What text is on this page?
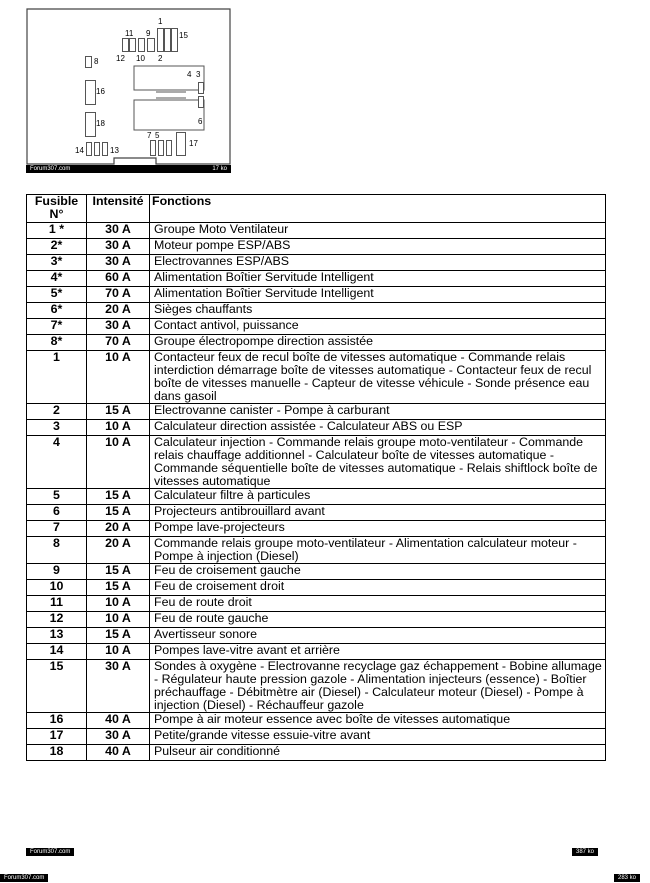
1
2
3
4
5
6
7
8
9
10
11
12
13
14
15
16
17
18
Forum307.com	17 ko
Fusible N°	Intensité	Fonctions
1 *	30 A	Groupe Moto Ventilateur
2*	30 A	Moteur pompe ESP/ABS
3*	30 A	Electrovannes ESP/ABS
4*	60 A	Alimentation Boîtier Servitude Intelligent
5*	70 A	Alimentation Boîtier Servitude Intelligent
6*	20 A	Sièges chauffants
7*	30 A	Contact antivol, puissance
8*	70 A	Groupe électropompe direction assistée
1	10 A	Contacteur feux de recul boîte de vitesses automatique - Commande relais interdiction démarrage boîte de vitesses automatique - Contacteur feux de recul boîte de vitesses manuelle - Capteur de vitesse véhicule - Sonde présence eau dans gasoil
2	15 A	Electrovanne canister - Pompe à carburant
3	10 A	Calculateur direction assistée - Calculateur ABS ou ESP
4	10 A	Calculateur injection - Commande relais groupe moto-ventilateur - Commande relais chauffage additionnel - Calculateur boîte de vitesses automatique - Commande séquentielle boîte de vitesses automatique - Relais shiftlock boîte de vitesses automatique
5	15 A	Calculateur filtre à particules
6	15 A	Projecteurs antibrouillard avant
7	20 A	Pompe lave-projecteurs
8	20 A	Commande relais groupe moto-ventilateur - Alimentation calculateur moteur - Pompe à injection (Diesel)
9	15 A	Feu de croisement gauche
10	15 A	Feu de croisement droit
11	10 A	Feu de route droit
12	10 A	Feu de route gauche
13	15 A	Avertisseur sonore
14	10 A	Pompes lave-vitre avant et arrière
15	30 A	Sondes à oxygène - Electrovanne recyclage gaz échappement - Bobine allumage - Régulateur haute pression gazole - Alimentation injecteurs (essence) - Boîtier préchauffage - Débitmètre air (Diesel) - Calculateur moteur (Diesel) - Pompe à injection (Diesel) - Réchauffeur gazole
16	40 A	Pompe à air moteur essence avec boîte de vitesses automatique
17	30 A	Petite/grande vitesse essuie-vitre avant
18	40 A	Pulseur air conditionné
Forum307.com	387 ko
Forum307.com	283 ko
